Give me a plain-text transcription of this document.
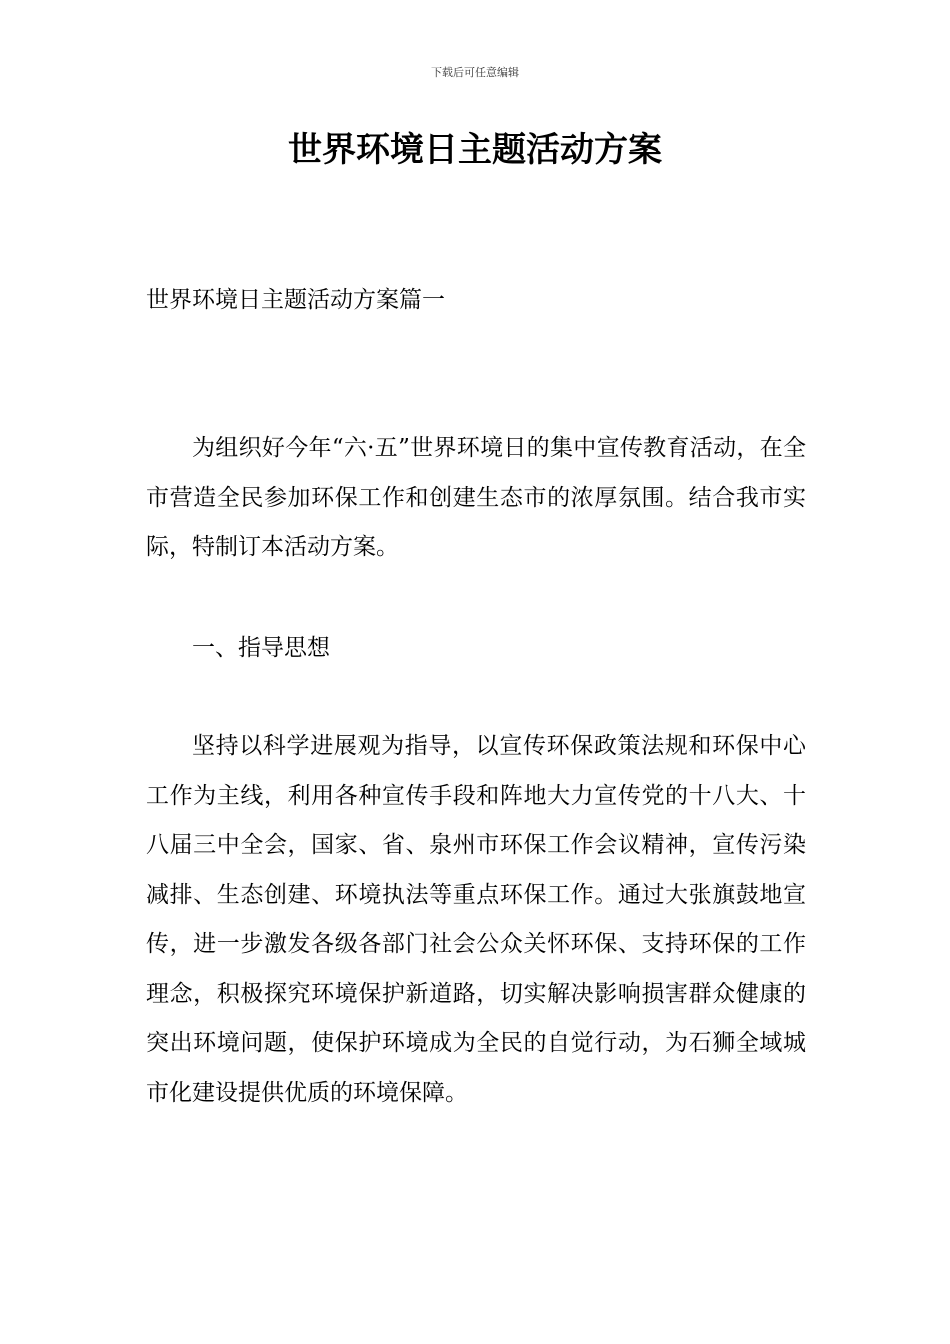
下载后可任意编辑
世界环境日主题活动方案

世界环境日主题活动方案篇一

为组织好今年“六·五”世界环境日的集中宣传教育活动，在全市营造全民参加环保工作和创建生态市的浓厚氛围。结合我市实际，特制订本活动方案。

一、指导思想

坚持以科学进展观为指导，以宣传环保政策法规和环保中心工作为主线，利用各种宣传手段和阵地大力宣传党的十八大、十八届三中全会，国家、省、泉州市环保工作会议精神，宣传污染减排、生态创建、环境执法等重点环保工作。通过大张旗鼓地宣传，进一步激发各级各部门社会公众关怀环保、支持环保的工作理念，积极探究环境保护新道路，切实解决影响损害群众健康的突出环境问题，使保护环境成为全民的自觉行动，为石狮全域城市化建设提供优质的环境保障。
